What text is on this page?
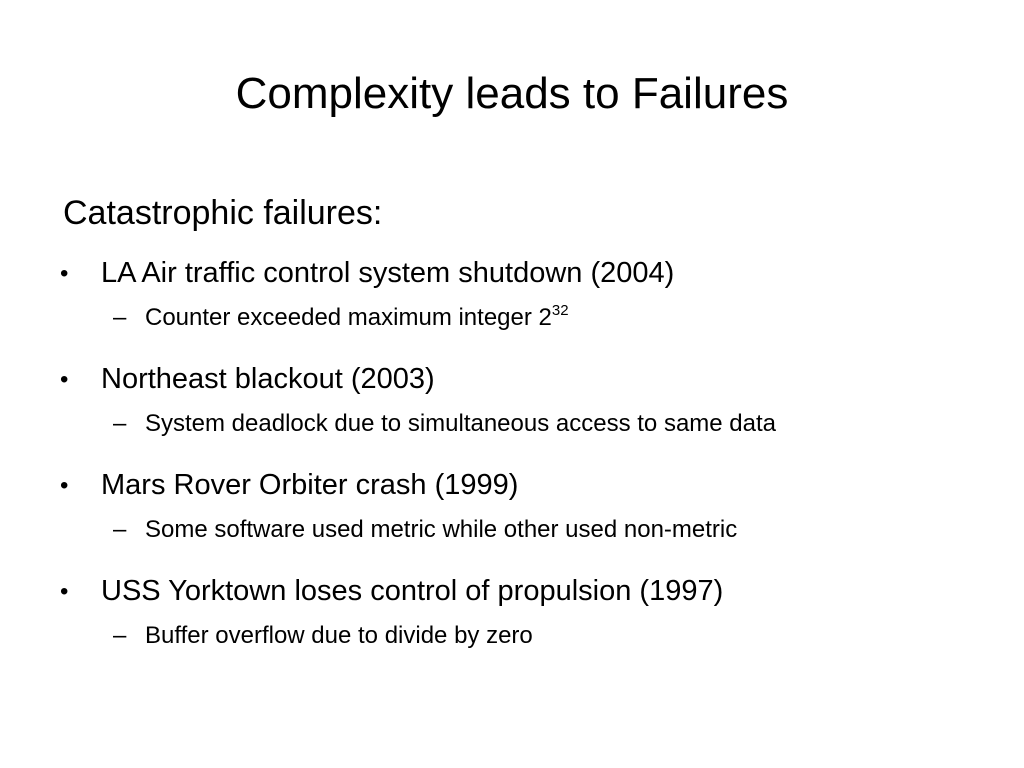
Complexity leads to Failures
Catastrophic failures:
• LA Air traffic control system shutdown (2004)
– Counter exceeded maximum integer $2^{32}$
• Northeast blackout (2003)
– System deadlock due to simultaneous access to same data
• Mars Rover Orbiter crash (1999)
– Some software used metric while other used non-metric
• USS Yorktown loses control of propulsion (1997)
– Buffer overflow due to divide by zero
